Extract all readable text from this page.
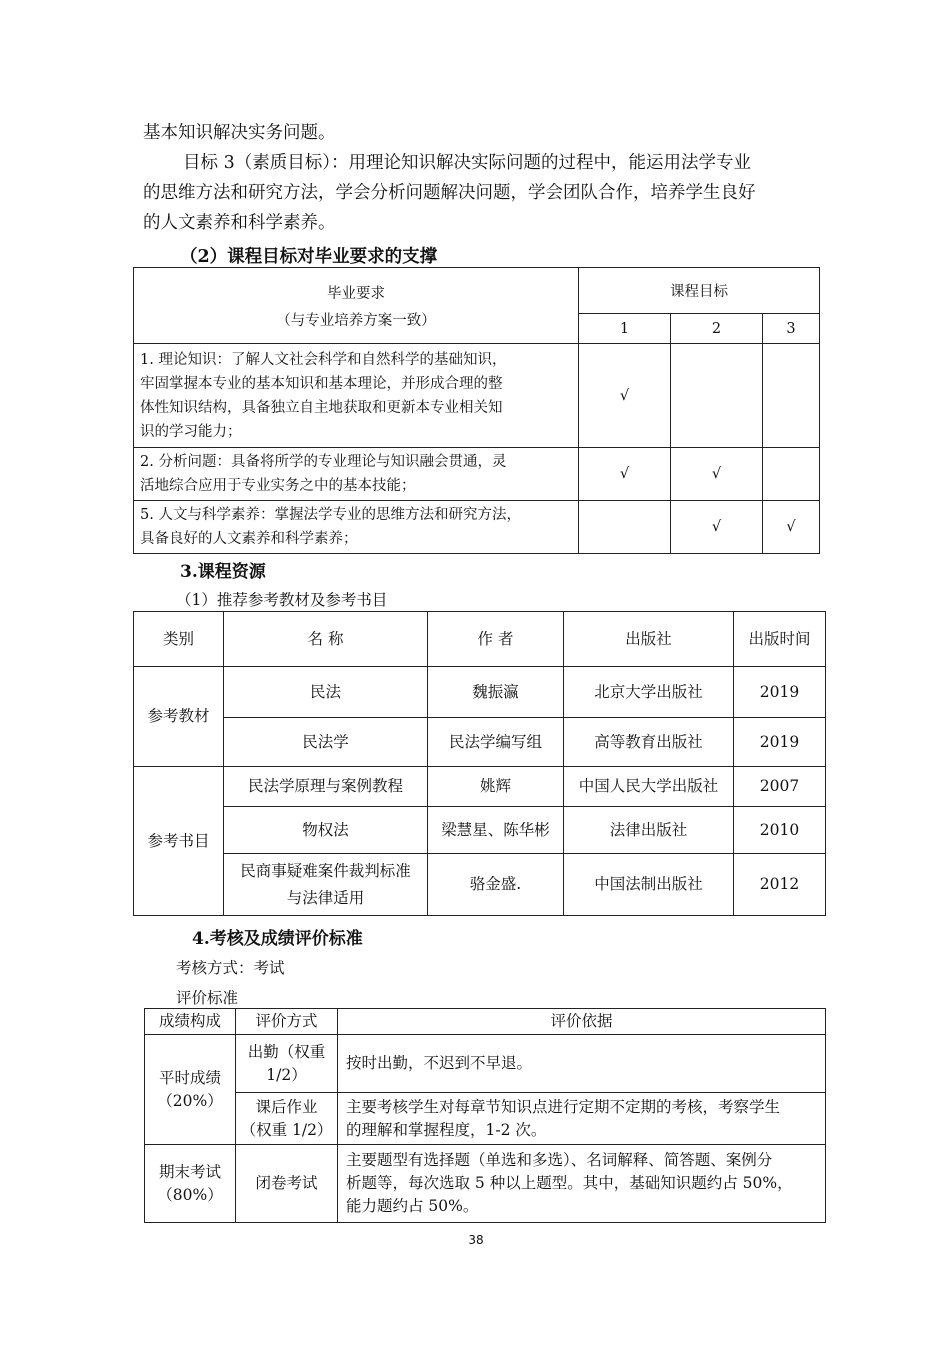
基本知识解决实务问题。
目标 3（素质目标）：用理论知识解决实际问题的过程中，能运用法学专业
的思维方法和研究方法，学会分析问题解决问题，学会团队合作，培养学生良好
的人文素养和科学素养。
（2）课程目标对毕业要求的支撑
毕业要求
（与专业培养方案一致）	课程目标		
	1	2	3

1. 理论知识：了解人文社会科学和自然科学的基础知识，
牢固掌握本专业的基本知识和基本理论，并形成合理的整
体性知识结构，具备独立自主地获取和更新本专业相关知
识的学习能力；	√		

2. 分析问题：具备将所学的专业理论与知识融会贯通，灵
活地综合应用于专业实务之中的基本技能；	√	√	

5. 人文与科学素养：掌握法学专业的思维方法和研究方法，
具备良好的人文素养和科学素养；		√	√
3.课程资源
（1）推荐参考教材及参考书目
类别	名 称	作 者	出版社	出版时间
参考教材	民法	魏振瀛	北京大学出版社	2019
	民法学	民法学编写组	高等教育出版社	2019
参考书目	民法学原理与案例教程	姚辉	中国人民大学出版社	2007
	物权法	梁慧星、陈华彬	法律出版社	2010

	民商事疑难案件裁判标准
与法律适用	骆金盛.	中国法制出版社	2012
4.考核及成绩评价标准
考核方式：考试
评价标准
成绩构成	评价方式	评价依据

平时成绩
（20%）	出勤（权重
1/2）	按时出勤，不迟到不早退。

	课后作业
（权重 1/2）	主要考核学生对每章节知识点进行定期不定期的考核，考察学生
的理解和掌握程度，1-2 次。

期末考试
（80%）	闭卷考试	主要题型有选择题（单选和多选）、名词解释、简答题、案例分
析题等，每次选取 5 种以上题型。其中，基础知识题约占 50%，
能力题约占 50%。
38
